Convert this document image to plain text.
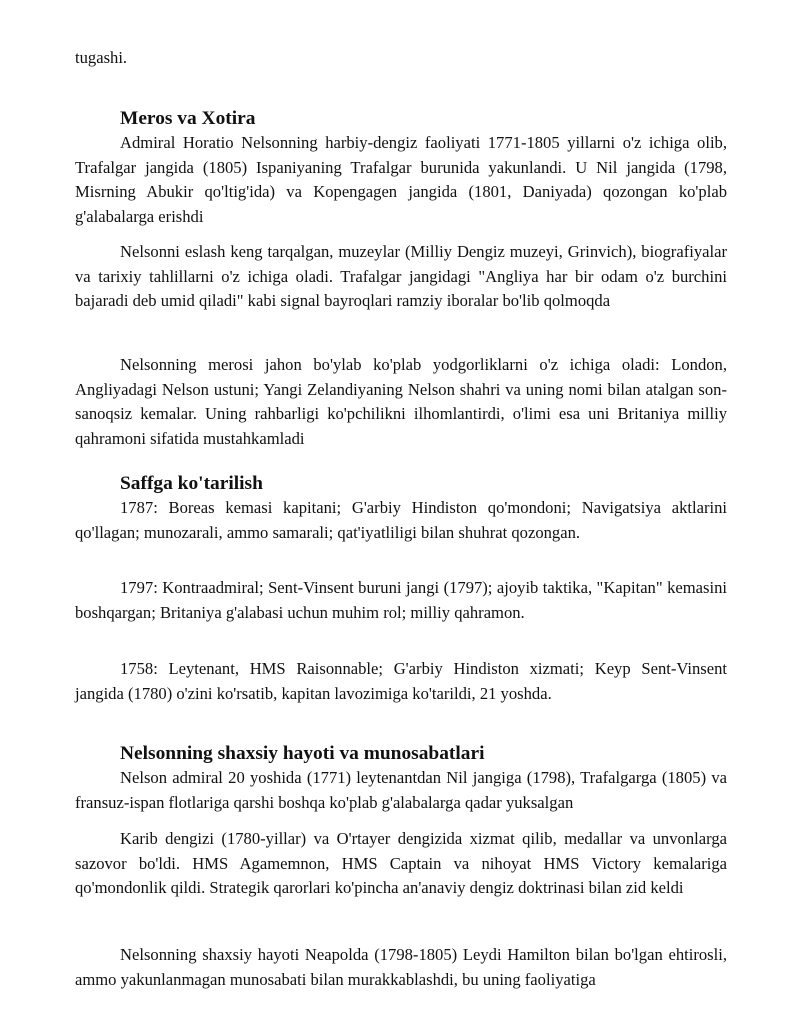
tugashi.

Meros va Xotira

Admiral Horatio Nelsonning harbiy-dengiz faoliyati 1771-1805 yillarni o'z ichiga olib, Trafalgar jangida (1805) Ispaniyaning Trafalgar burunida yakunlandi. U Nil jangida (1798, Misrning Abukir qo'ltig'ida) va Kopengagen jangida (1801, Daniyada) qozongan ko'plab g'alabalarga erishdi

Nelsonni eslash keng tarqalgan, muzeylar (Milliy Dengiz muzeyi, Grinvich), biografiyalar va tarixiy tahlillarni o'z ichiga oladi. Trafalgar jangidagi "Angliya har bir odam o'z burchini bajaradi deb umid qiladi" kabi signal bayroqlari ramziy iboralar bo'lib qolmoqda

Nelsonning merosi jahon bo'ylab ko'plab yodgorliklarni o'z ichiga oladi: London, Angliyadagi Nelson ustuni; Yangi Zelandiyaning Nelson shahri va uning nomi bilan atalgan son-sanoqsiz kemalar. Uning rahbarligi ko'pchilikni ilhomlantirdi, o'limi esa uni Britaniya milliy qahramoni sifatida mustahkamladi

Saffga ko'tarilish

1787: Boreas kemasi kapitani; G'arbiy Hindiston qo'mondoni; Navigatsiya aktlarini qo'llagan; munozarali, ammo samarali; qat'iyatliligi bilan shuhrat qozongan.

1797: Kontraadmiral; Sent-Vinsent buruni jangi (1797); ajoyib taktika, "Kapitan" kemasini boshqargan; Britaniya g'alabasi uchun muhim rol; milliy qahramon.

1758: Leytenant, HMS Raisonnable; G'arbiy Hindiston xizmati; Keyp Sent-Vinsent jangida (1780) o'zini ko'rsatib, kapitan lavozimiga ko'tarildi, 21 yoshda.

Nelsonning shaxsiy hayoti va munosabatlari

Nelson admiral 20 yoshida (1771) leytenantdan Nil jangiga (1798), Trafalgarga (1805) va fransuz-ispan flotlariga qarshi boshqa ko'plab g'alabalarga qadar yuksalgan

Karib dengizi (1780-yillar) va O'rtayer dengizida xizmat qilib, medallar va unvonlarga sazovor bo'ldi. HMS Agamemnon, HMS Captain va nihoyat HMS Victory kemalariga qo'mondonlik qildi. Strategik qarorlari ko'pincha an'anaviy dengiz doktrinasi bilan zid keldi

Nelsonning shaxsiy hayoti Neapolda (1798-1805) Leydi Hamilton bilan bo'lgan ehtirosli, ammo yakunlanmagan munosabati bilan murakkablashdi, bu uning faoliyatiga
